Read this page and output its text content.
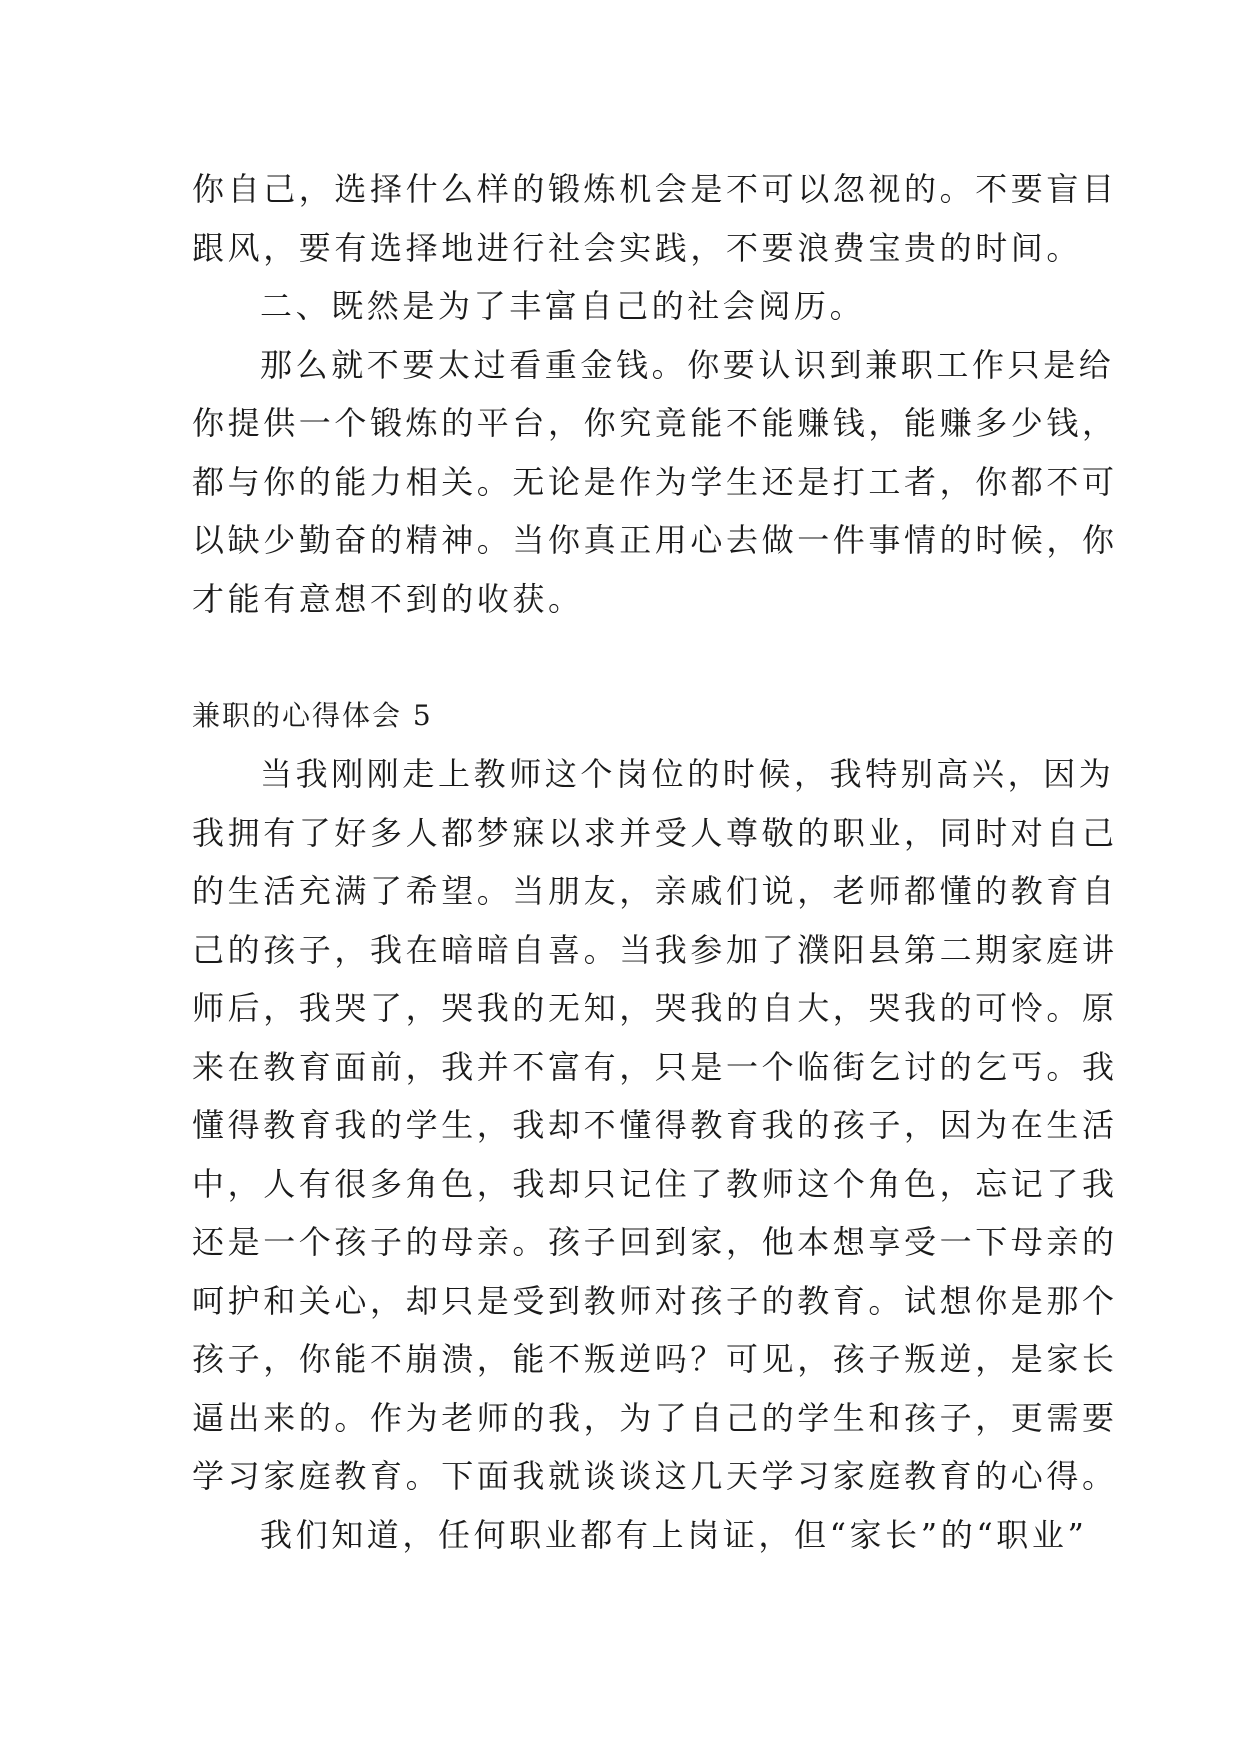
你自己，选择什么样的锻炼机会是不可以忽视的。不要盲目

跟风，要有选择地进行社会实践，不要浪费宝贵的时间。

二、既然是为了丰富自己的社会阅历。

那么就不要太过看重金钱。你要认识到兼职工作只是给

你提供一个锻炼的平台，你究竟能不能赚钱，能赚多少钱，

都与你的能力相关。无论是作为学生还是打工者，你都不可

以缺少勤奋的精神。当你真正用心去做一件事情的时候，你

才能有意想不到的收获。

兼职的心得体会 5

当我刚刚走上教师这个岗位的时候，我特别高兴，因为

我拥有了好多人都梦寐以求并受人尊敬的职业，同时对自己

的生活充满了希望。当朋友，亲戚们说，老师都懂的教育自

己的孩子，我在暗暗自喜。当我参加了濮阳县第二期家庭讲

师后，我哭了，哭我的无知，哭我的自大，哭我的可怜。原

来在教育面前，我并不富有，只是一个临街乞讨的乞丐。我

懂得教育我的学生，我却不懂得教育我的孩子，因为在生活

中，人有很多角色，我却只记住了教师这个角色，忘记了我

还是一个孩子的母亲。孩子回到家，他本想享受一下母亲的

呵护和关心，却只是受到教师对孩子的教育。试想你是那个

孩子，你能不崩溃，能不叛逆吗？可见，孩子叛逆，是家长

逼出来的。作为老师的我，为了自己的学生和孩子，更需要

学习家庭教育。下面我就谈谈这几天学习家庭教育的心得。

我们知道，任何职业都有上岗证，但“家长”的“职业”
